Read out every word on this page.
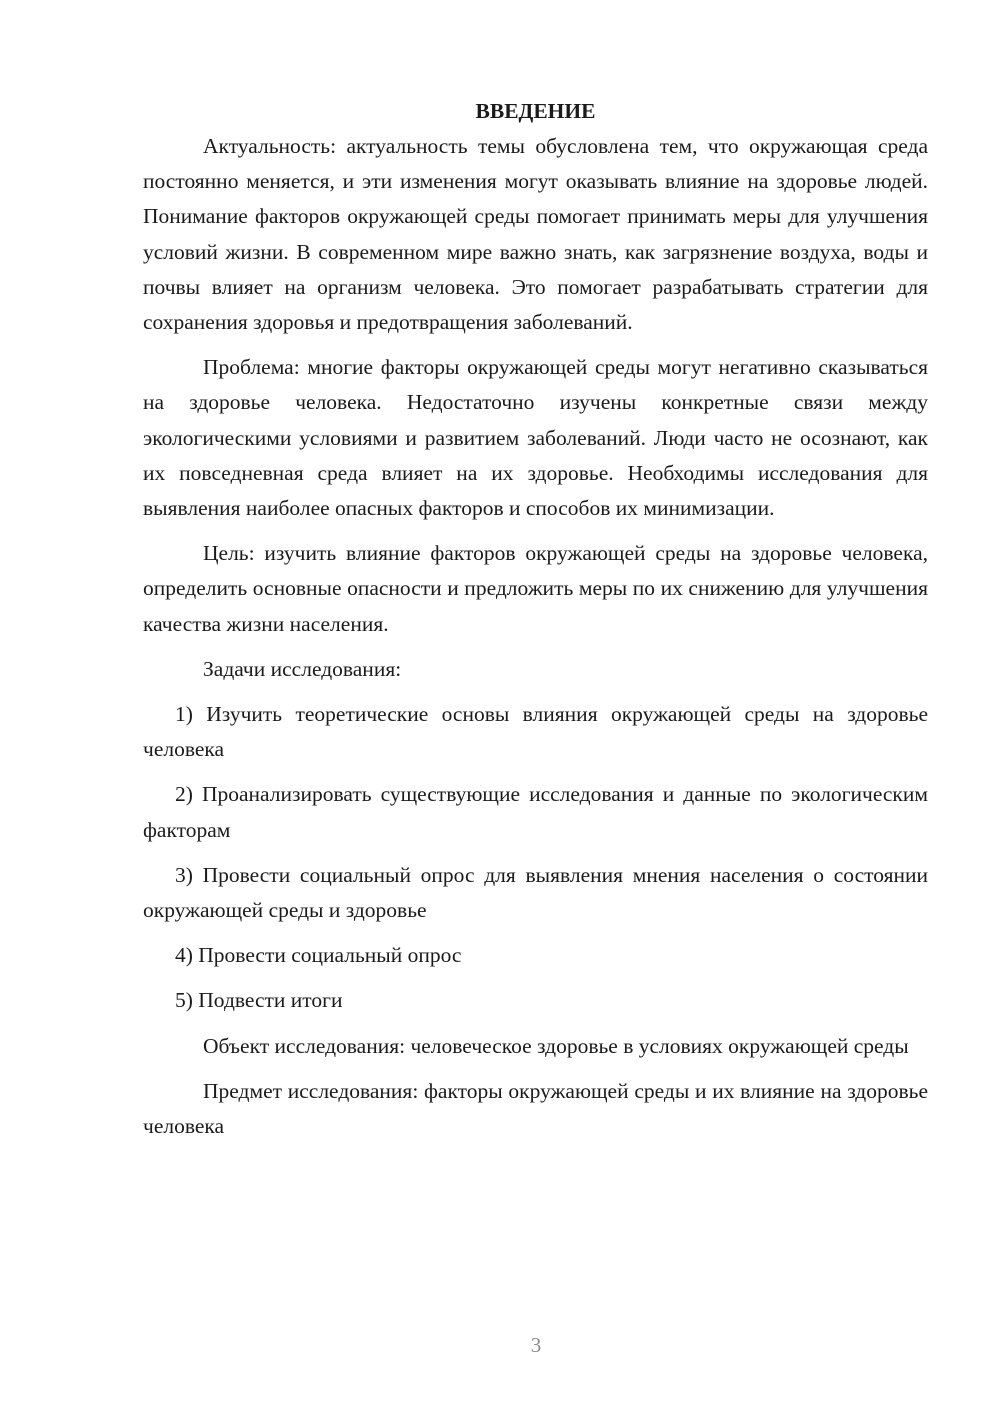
ВВЕДЕНИЕ

Актуальность: актуальность темы обусловлена тем, что окружающая среда постоянно меняется, и эти изменения могут оказывать влияние на здоровье людей. Понимание факторов окружающей среды помогает принимать меры для улучшения условий жизни. В современном мире важно знать, как загрязнение воздуха, воды и почвы влияет на организм человека. Это помогает разрабатывать стратегии для сохранения здоровья и предотвращения заболеваний.

Проблема: многие факторы окружающей среды могут негативно сказываться на здоровье человека. Недостаточно изучены конкретные связи между экологическими условиями и развитием заболеваний. Люди часто не осознают, как их повседневная среда влияет на их здоровье. Необходимы исследования для выявления наиболее опасных факторов и способов их минимизации.

Цель: изучить влияние факторов окружающей среды на здоровье человека, определить основные опасности и предложить меры по их снижению для улучшения качества жизни населения.

Задачи исследования:

1) Изучить теоретические основы влияния окружающей среды на здоровье человека

2) Проанализировать существующие исследования и данные по экологическим факторам

3) Провести социальный опрос для выявления мнения населения о состоянии окружающей среды и здоровье

4) Провести социальный опрос

5) Подвести итоги

Объект исследования: человеческое здоровье в условиях окружающей среды

Предмет исследования: факторы окружающей среды и их влияние на здоровье человека

3
